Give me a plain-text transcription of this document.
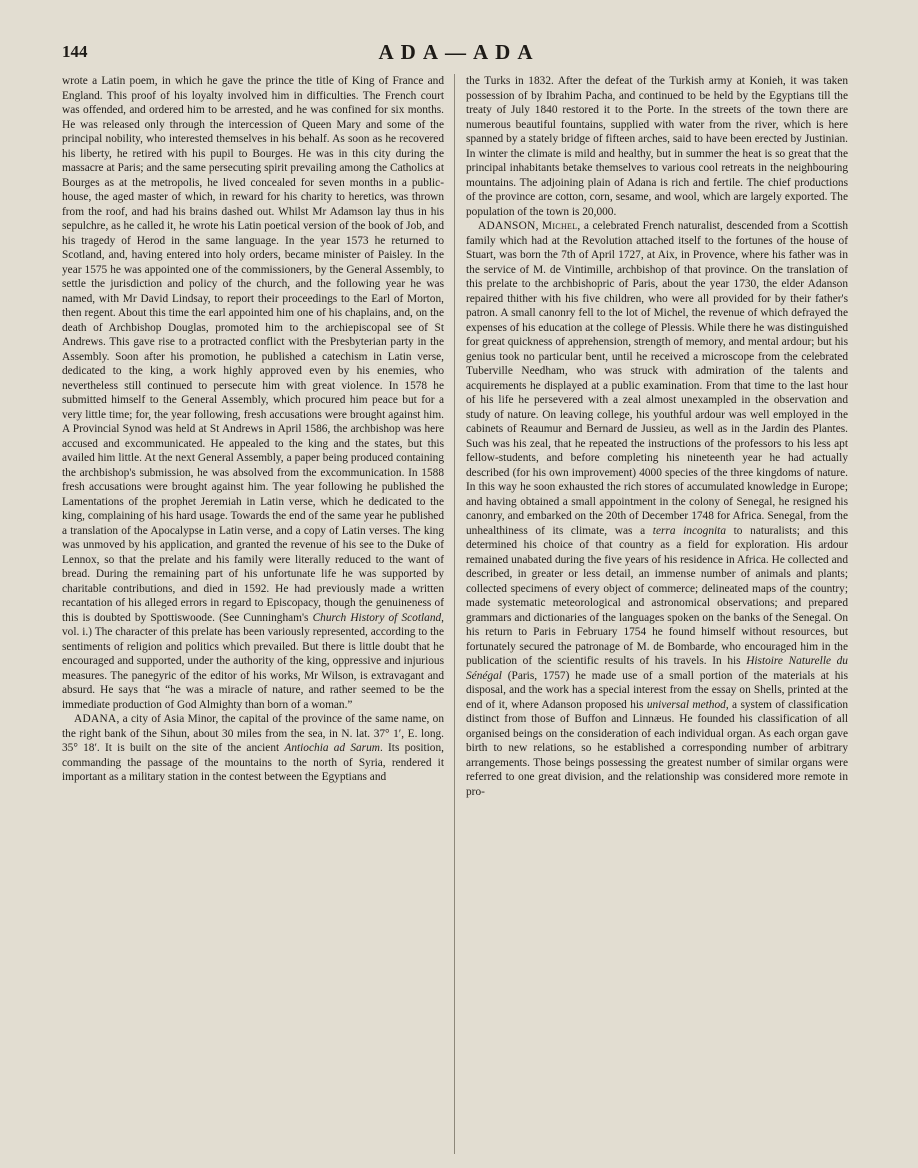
144	ADA—ADA

wrote a Latin poem, in which he gave the prince the title of King of France and England. This proof of his loyalty involved him in difficulties. The French court was offended, and ordered him to be arrested, and he was confined for six months. He was released only through the intercession of Queen Mary and some of the principal nobility, who interested themselves in his behalf. As soon as he recovered his liberty, he retired with his pupil to Bourges. He was in this city during the massacre at Paris; and the same persecuting spirit prevailing among the Catholics at Bourges as at the metropolis, he lived concealed for seven months in a public-house, the aged master of which, in reward for his charity to heretics, was thrown from the roof, and had his brains dashed out. Whilst Mr Adamson lay thus in his sepulchre, as he called it, he wrote his Latin poetical version of the book of Job, and his tragedy of Herod in the same language. In the year 1573 he returned to Scotland, and, having entered into holy orders, became minister of Paisley. In the year 1575 he was appointed one of the commissioners, by the General Assembly, to settle the jurisdiction and policy of the church, and the following year he was named, with Mr David Lindsay, to report their proceedings to the Earl of Morton, then regent. About this time the earl appointed him one of his chaplains, and, on the death of Archbishop Douglas, promoted him to the archiepiscopal see of St Andrews. This gave rise to a protracted conflict with the Presbyterian party in the Assembly. Soon after his promotion, he published a catechism in Latin verse, dedicated to the king, a work highly approved even by his enemies, who nevertheless still continued to persecute him with great violence. In 1578 he submitted himself to the General Assembly, which procured him peace but for a very little time; for, the year following, fresh accusations were brought against him. A Provincial Synod was held at St Andrews in April 1586, the archbishop was here accused and excommunicated. He appealed to the king and the states, but this availed him little. At the next General Assembly, a paper being produced containing the archbishop's submission, he was absolved from the excommunication. In 1588 fresh accusations were brought against him. The year following he published the Lamentations of the prophet Jeremiah in Latin verse, which he dedicated to the king, complaining of his hard usage. Towards the end of the same year he published a translation of the Apocalypse in Latin verse, and a copy of Latin verses. The king was unmoved by his application, and granted the revenue of his see to the Duke of Lennox, so that the prelate and his family were literally reduced to the want of bread. During the remaining part of his unfortunate life he was supported by charitable contributions, and died in 1592. He had previously made a written recantation of his alleged errors in regard to Episcopacy, though the genuineness of this is doubted by Spottiswoode. (See Cunningham's Church History of Scotland, vol. i.) The character of this prelate has been variously represented, according to the sentiments of religion and politics which prevailed. But there is little doubt that he encouraged and supported, under the authority of the king, oppressive and injurious measures. The panegyric of the editor of his works, Mr Wilson, is extravagant and absurd. He says that “he was a miracle of nature, and rather seemed to be the immediate production of God Almighty than born of a woman.”

ADANA, a city of Asia Minor, the capital of the province of the same name, on the right bank of the Sihun, about 30 miles from the sea, in N. lat. 37° 1′, E. long. 35° 18′. It is built on the site of the ancient Antiochia ad Sarum. Its position, commanding the passage of the mountains to the north of Syria, rendered it important as a military station in the contest between the Egyptians and

the Turks in 1832. After the defeat of the Turkish army at Konieh, it was taken possession of by Ibrahim Pacha, and continued to be held by the Egyptians till the treaty of July 1840 restored it to the Porte. In the streets of the town there are numerous beautiful fountains, supplied with water from the river, which is here spanned by a stately bridge of fifteen arches, said to have been erected by Justinian. In winter the climate is mild and healthy, but in summer the heat is so great that the principal inhabitants betake themselves to various cool retreats in the neighbouring mountains. The adjoining plain of Adana is rich and fertile. The chief productions of the province are cotton, corn, sesame, and wool, which are largely exported. The population of the town is 20,000.

ADANSON, Michel, a celebrated French naturalist, descended from a Scottish family which had at the Revolution attached itself to the fortunes of the house of Stuart, was born the 7th of April 1727, at Aix, in Provence, where his father was in the service of M. de Vintimille, archbishop of that province. On the translation of this prelate to the archbishopric of Paris, about the year 1730, the elder Adanson repaired thither with his five children, who were all provided for by their father's patron. A small canonry fell to the lot of Michel, the revenue of which defrayed the expenses of his education at the college of Plessis. While there he was distinguished for great quickness of apprehension, strength of memory, and mental ardour; but his genius took no particular bent, until he received a microscope from the celebrated Tuberville Needham, who was struck with admiration of the talents and acquirements he displayed at a public examination. From that time to the last hour of his life he persevered with a zeal almost unexampled in the observation and study of nature. On leaving college, his youthful ardour was well employed in the cabinets of Reaumur and Bernard de Jussieu, as well as in the Jardin des Plantes. Such was his zeal, that he repeated the instructions of the professors to his less apt fellow-students, and before completing his nineteenth year he had actually described (for his own improvement) 4000 species of the three kingdoms of nature. In this way he soon exhausted the rich stores of accumulated knowledge in Europe; and having obtained a small appointment in the colony of Senegal, he resigned his canonry, and embarked on the 20th of December 1748 for Africa. Senegal, from the unhealthiness of its climate, was a terra incognita to naturalists; and this determined his choice of that country as a field for exploration. His ardour remained unabated during the five years of his residence in Africa. He collected and described, in greater or less detail, an immense number of animals and plants; collected specimens of every object of commerce; delineated maps of the country; made systematic meteorological and astronomical observations; and prepared grammars and dictionaries of the languages spoken on the banks of the Senegal. On his return to Paris in February 1754 he found himself without resources, but fortunately secured the patronage of M. de Bombarde, who encouraged him in the publication of the scientific results of his travels. In his Histoire Naturelle du Sénégal (Paris, 1757) he made use of a small portion of the materials at his disposal, and the work has a special interest from the essay on Shells, printed at the end of it, where Adanson proposed his universal method, a system of classification distinct from those of Buffon and Linnæus. He founded his classification of all organised beings on the consideration of each individual organ. As each organ gave birth to new relations, so he established a corresponding number of arbitrary arrangements. Those beings possessing the greatest number of similar organs were referred to one great division, and the relationship was considered more remote in pro-
